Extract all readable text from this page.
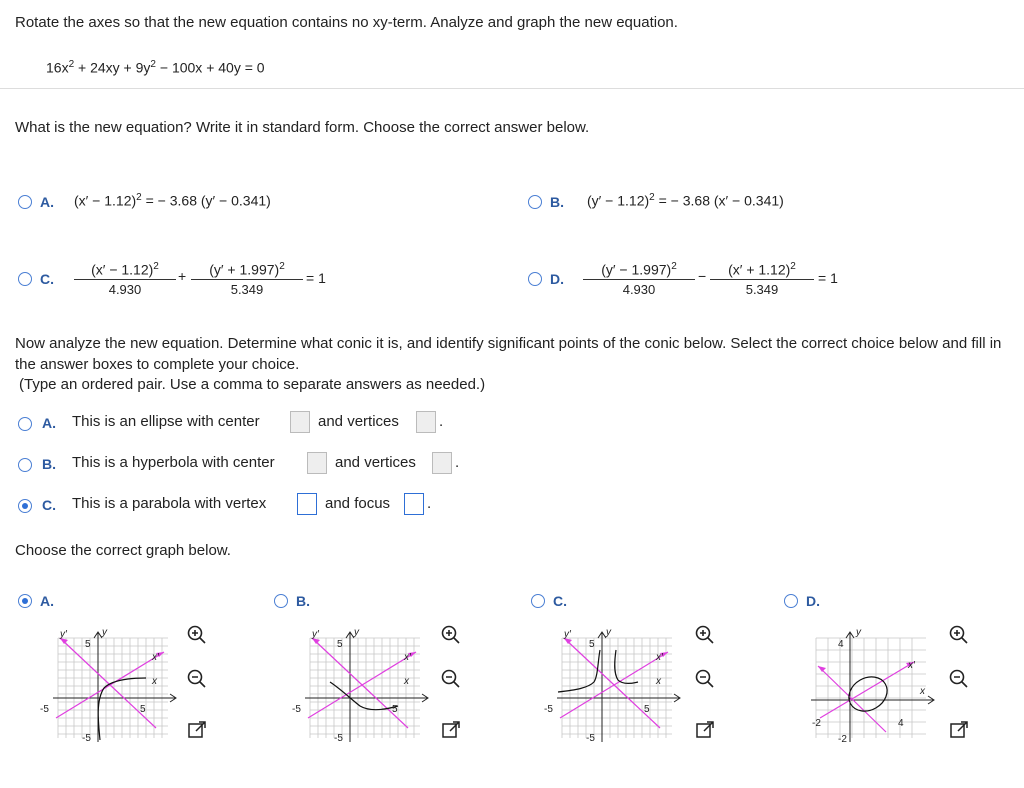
Rotate the axes so that the new equation contains no xy-term. Analyze and graph the new equation.
$16x^2 + 24xy + 9y^2 - 100x + 40y = 0$
What is the new equation? Write it in standard form. Choose the correct answer below.
A. $(x' - 1.12)^2$ = − 3.68 (y′ − 0.341)	B. $(y' - 1.12)^2$ = − 3.68 (x′ − 0.341)
C. $\frac{(x' - 1.12)^2}{4.930} + \frac{(y' + 1.997)^2}{5.349} = 1$	D. $\frac{(y' - 1.997)^2}{4.930} - \frac{(x' + 1.12)^2}{5.349} = 1$
Now analyze the new equation. Determine what conic it is, and identify significant points of the conic below. Select the correct choice below and fill in the answer boxes to complete your choice.
(Type an ordered pair. Use a comma to separate answers as needed.)
A. This is an ellipse with center	and vertices	.
B. This is a hyperbola with center	and vertices	.
C. This is a parabola with vertex	and focus .
Choose the correct graph below.
A.
y′	y
x′
x
5
-5	5
-5
B.
y′	y
x′
x
5
-5	5
-5
C.
y′	y
x′
x
5
-5	5
-5
D.
y
x′
x
4
-2	4
-2
